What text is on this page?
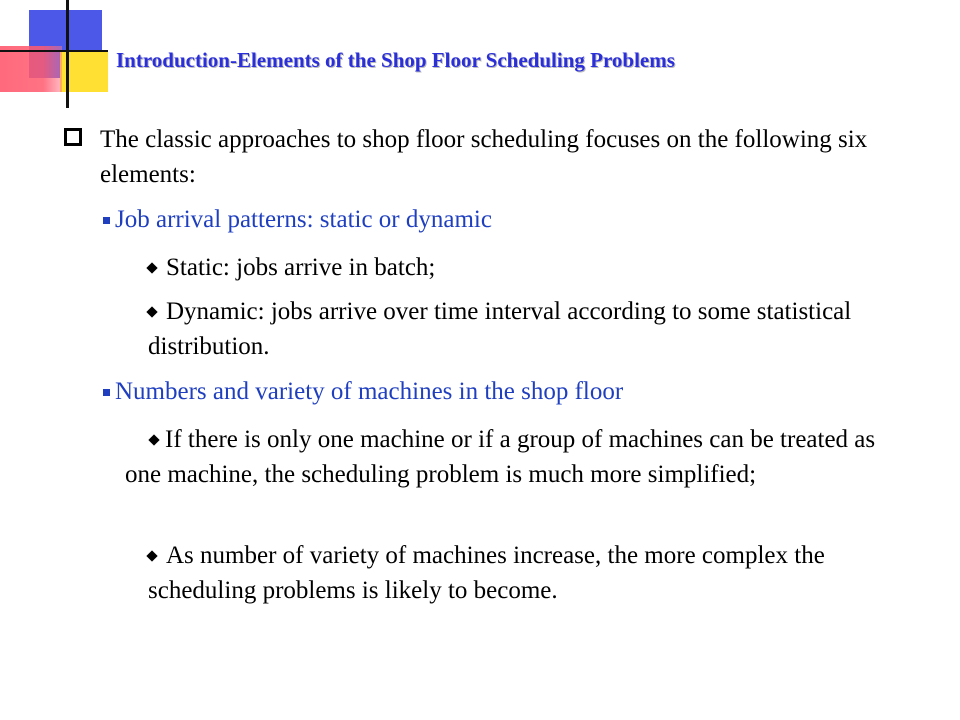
Introduction-Elements of the Shop Floor Scheduling Problems

The classic approaches to shop floor scheduling focuses on the following six elements:

Job arrival patterns: static or dynamic

Static: jobs arrive in batch;

Dynamic: jobs arrive over time interval according to some statistical distribution.

Numbers and variety of machines in the shop floor

If there is only one machine or if a group of machines can be treated as one machine, the scheduling problem is much more simplified;

As number of variety of machines increase, the more complex the scheduling problems is likely to become.
